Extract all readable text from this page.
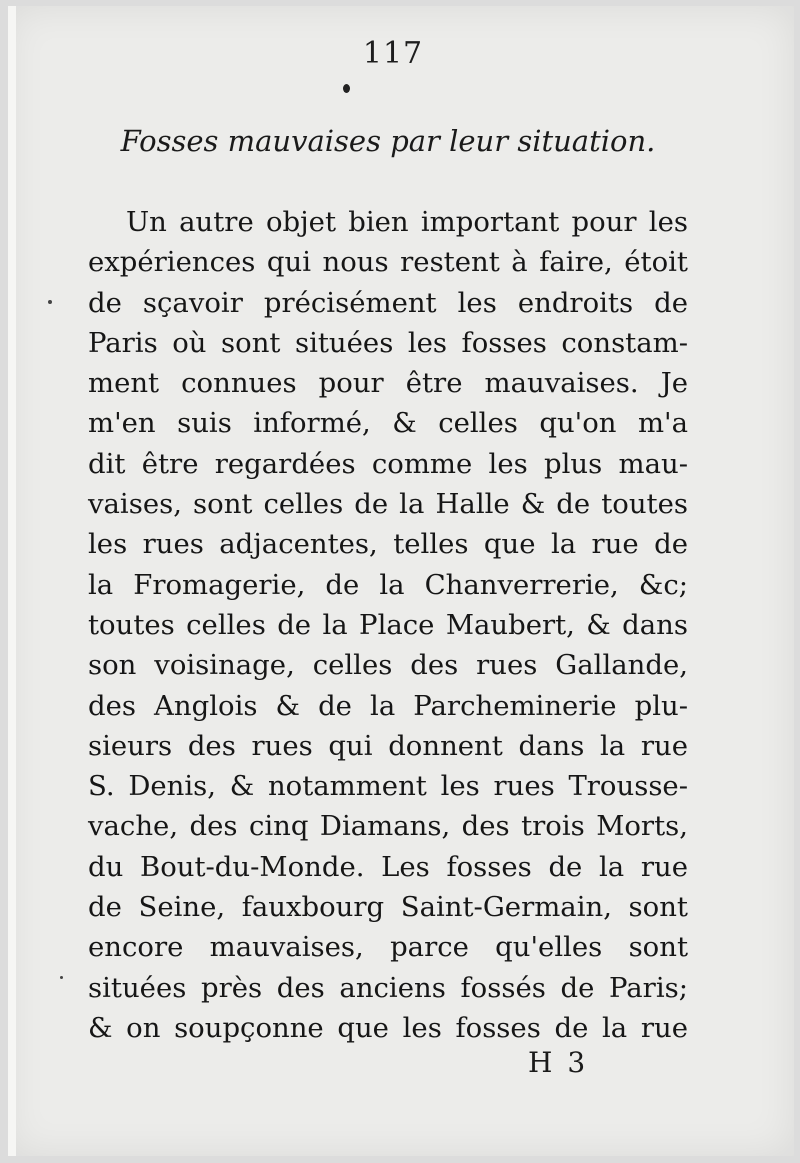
117
Fosses mauvaises par leur situation.
Un autre objet bien important pour les
expériences qui nous restent à faire, étoit
de sçavoir précisément les endroits de
Paris où sont situées les fosses constam-
ment connues pour être mauvaises. Je
m'en suis informé, & celles qu'on m'a
dit être regardées comme les plus mau-
vaises, sont celles de la Halle & de toutes
les rues adjacentes, telles que la rue de
la Fromagerie, de la Chanverrerie, &c;
toutes celles de la Place Maubert, & dans
son voisinage, celles des rues Gallande,
des Anglois & de la Parcheminerie plu-
sieurs des rues qui donnent dans la rue
S. Denis, & notamment les rues Trousse-
vache, des cinq Diamans, des trois Morts,
du Bout-du-Monde. Les fosses de la rue
de Seine, fauxbourg Saint-Germain, sont
encore mauvaises, parce qu'elles sont
situées près des anciens fossés de Paris;
& on soupçonne que les fosses de la rue
H 3
